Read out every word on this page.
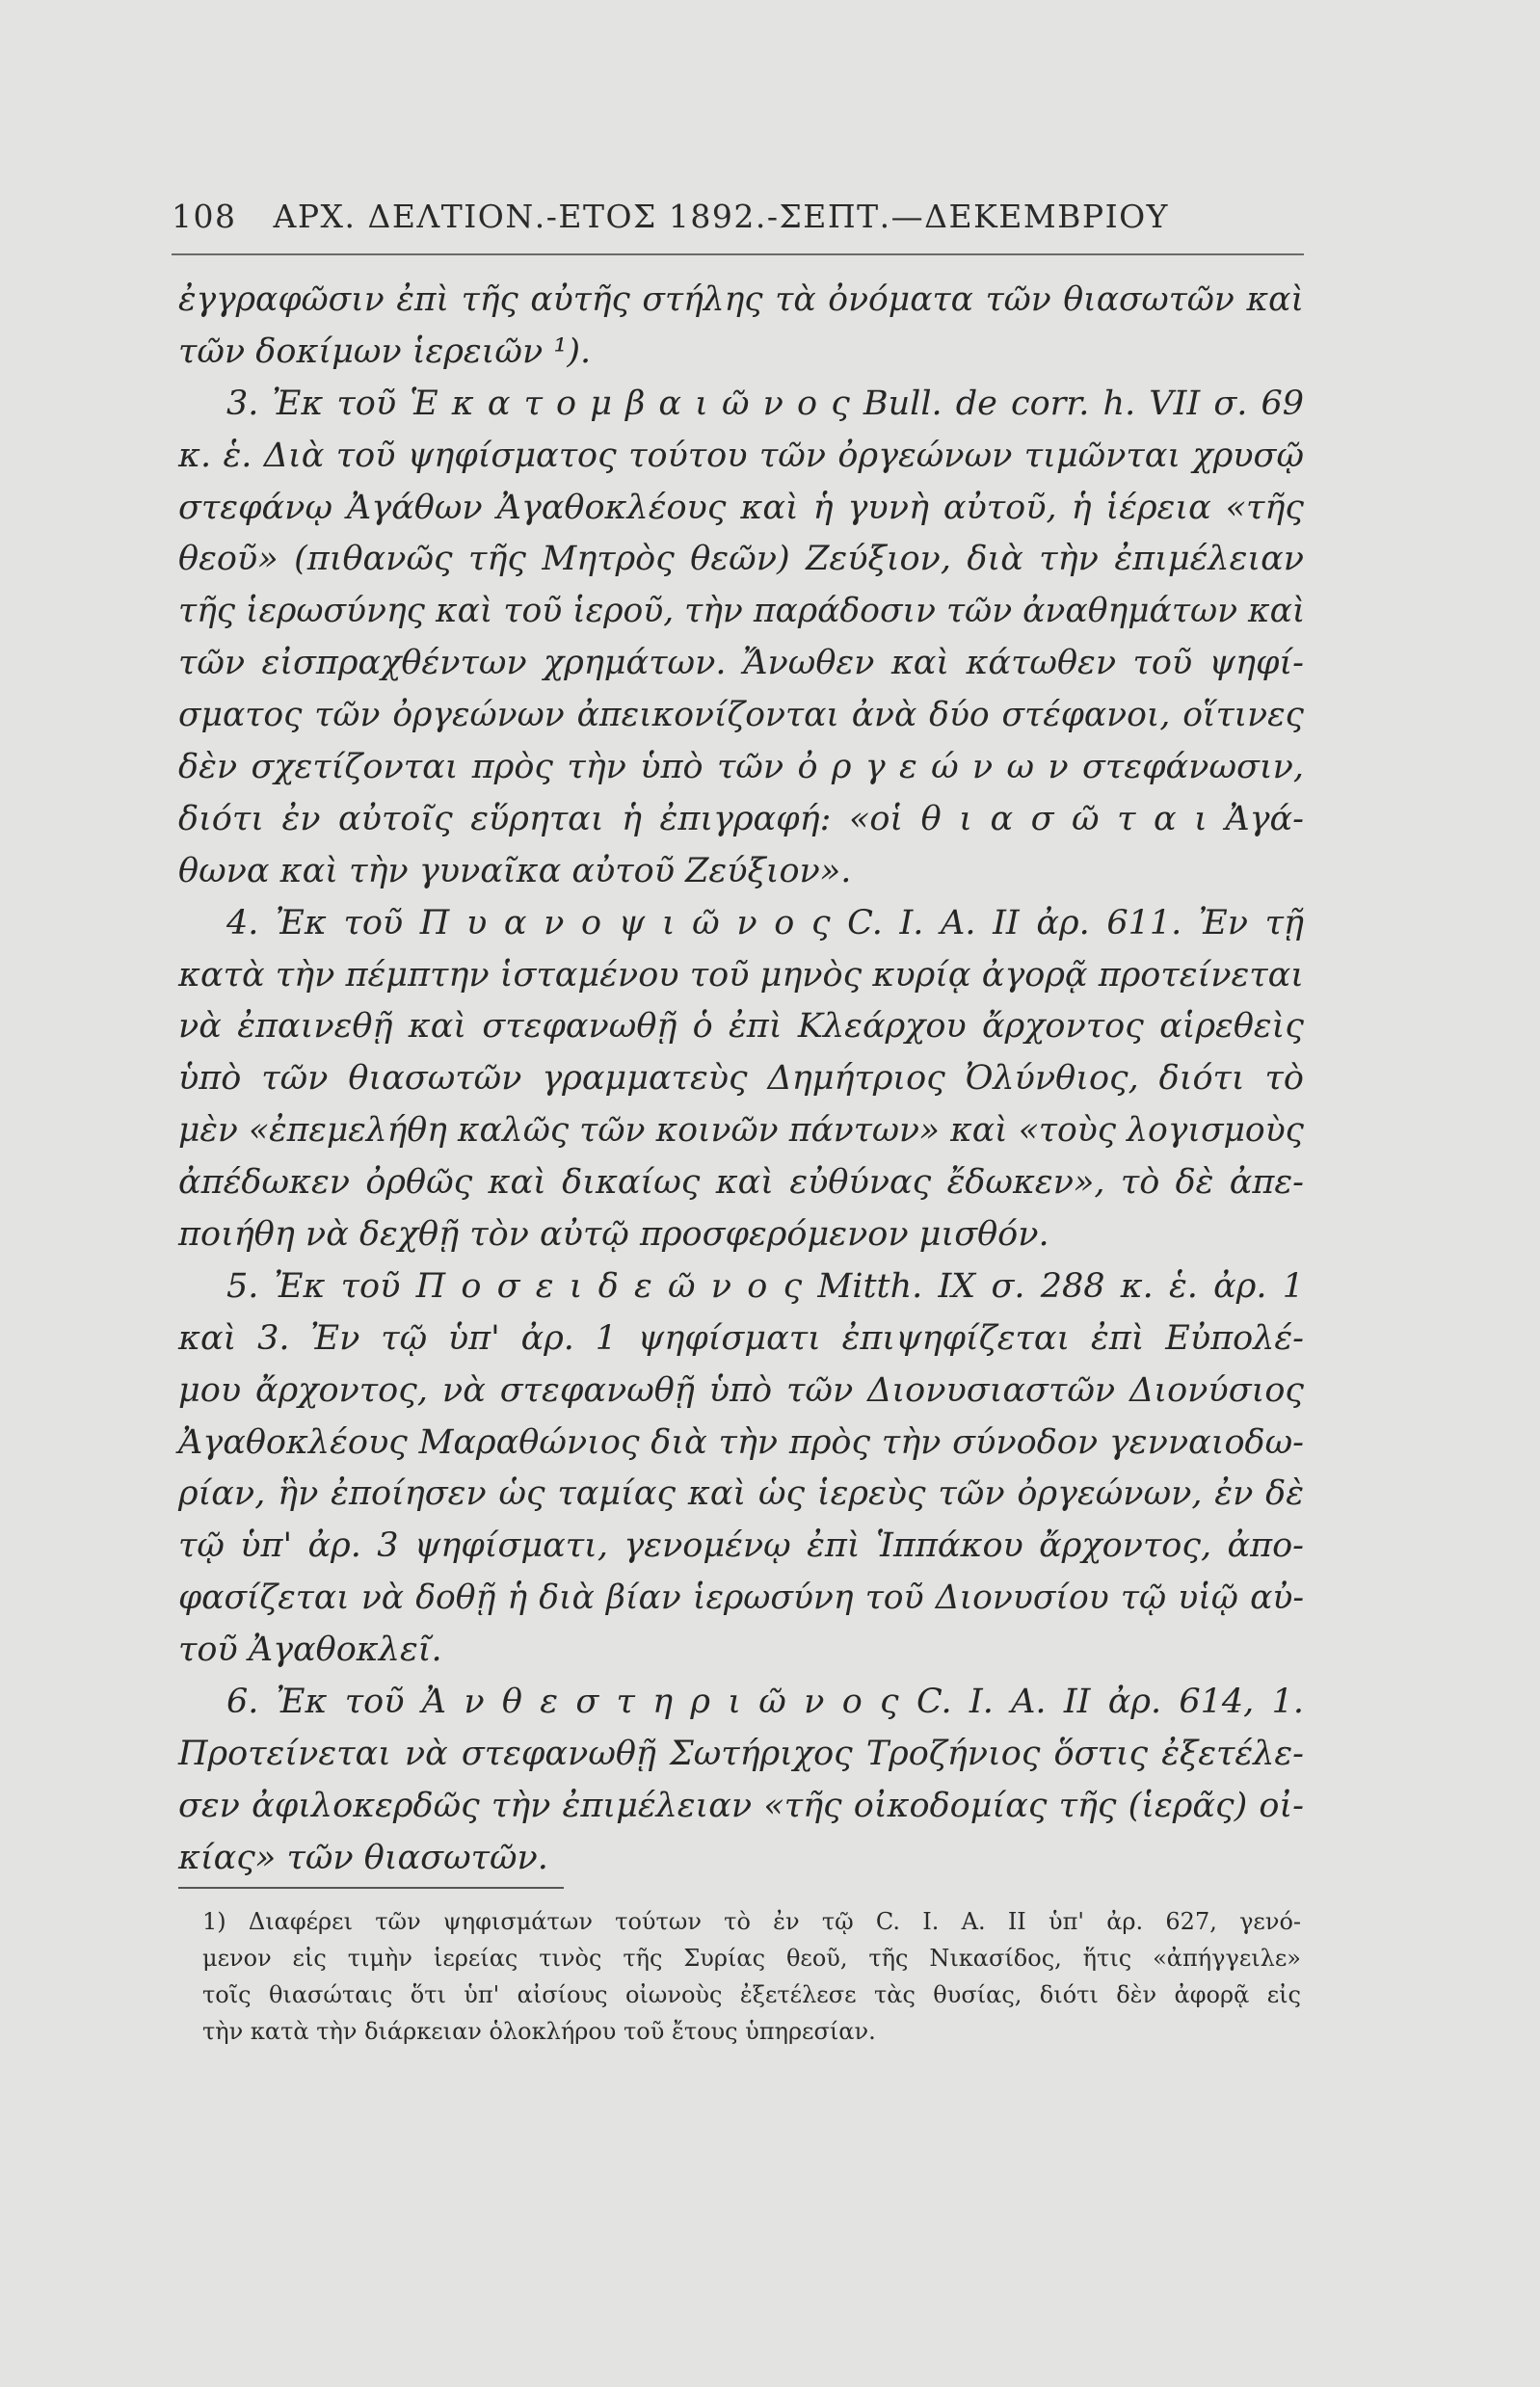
108 ΑΡΧ. ΔΕΛΤΙΟΝ.-ΕΤΟΣ 1892.-ΣΕΠΤ.—ΔΕΚΕΜΒΡΙΟΥ
ἐγγραφῶσιν ἐπὶ τῆς αὐτῆς στήλης τὰ ὀνόματα τῶν θιασωτῶν καὶ
τῶν δοκίμων ἱερειῶν ¹).
3. Ἐκ τοῦ Ἑ κ α τ ο μ β α ι ῶ ν ο ς Bull. de corr. h. VII σ. 69
κ. ἑ. Διὰ τοῦ ψηφίσματος τούτου τῶν ὀργεώνων τιμῶνται χρυσῷ
στεφάνῳ Ἀγάθων Ἀγαθοκλέους καὶ ἡ γυνὴ αὐτοῦ, ἡ ἱέρεια «τῆς
θεοῦ» (πιθανῶς τῆς Μητρὸς θεῶν) Ζεύξιον, διὰ τὴν ἐπιμέλειαν
τῆς ἱερωσύνης καὶ τοῦ ἱεροῦ, τὴν παράδοσιν τῶν ἀναθημάτων καὶ
τῶν εἰσπραχθέντων χρημάτων. Ἄνωθεν καὶ κάτωθεν τοῦ ψηφί-
σματος τῶν ὀργεώνων ἀπεικονίζονται ἀνὰ δύο στέφανοι, οἵτινες
δὲν σχετίζονται πρὸς τὴν ὑπὸ τῶν ὀ ρ γ ε ώ ν ω ν στεφάνωσιν,
διότι ἐν αὐτοῖς εὕρηται ἡ ἐπιγραφή: «οἱ θ ι α σ ῶ τ α ι Ἀγά-
θωνα καὶ τὴν γυναῖκα αὐτοῦ Ζεύξιον».
4. Ἐκ τοῦ Π υ α ν ο ψ ι ῶ ν ο ς C. I. A. II ἀρ. 611. Ἐν τῇ
κατὰ τὴν πέμπτην ἱσταμένου τοῦ μηνὸς κυρίᾳ ἀγορᾷ προτείνεται
νὰ ἐπαινεθῇ καὶ στεφανωθῇ ὁ ἐπὶ Κλεάρχου ἄρχοντος αἱρεθεὶς
ὑπὸ τῶν θιασωτῶν γραμματεὺς Δημήτριος Ὀλύνθιος, διότι τὸ
μὲν «ἐπεμελήθη καλῶς τῶν κοινῶν πάντων» καὶ «τοὺς λογισμοὺς
ἀπέδωκεν ὀρθῶς καὶ δικαίως καὶ εὐθύνας ἔδωκεν», τὸ δὲ ἀπε-
ποιήθη νὰ δεχθῇ τὸν αὐτῷ προσφερόμενον μισθόν.
5. Ἐκ τοῦ Π ο σ ε ι δ ε ῶ ν ο ς Mitth. IX σ. 288 κ. ἑ. ἀρ. 1
καὶ 3. Ἐν τῷ ὑπ' ἀρ. 1 ψηφίσματι ἐπιψηφίζεται ἐπὶ Εὐπολέ-
μου ἄρχοντος, νὰ στεφανωθῇ ὑπὸ τῶν Διονυσιαστῶν Διονύσιος
Ἀγαθοκλέους Μαραθώνιος διὰ τὴν πρὸς τὴν σύνοδον γενναιοδω-
ρίαν, ἣν ἐποίησεν ὡς ταμίας καὶ ὡς ἱερεὺς τῶν ὀργεώνων, ἐν δὲ
τῷ ὑπ' ἀρ. 3 ψηφίσματι, γενομένῳ ἐπὶ Ἱππάκου ἄρχοντος, ἀπο-
φασίζεται νὰ δοθῇ ἡ διὰ βίαν ἱερωσύνη τοῦ Διονυσίου τῷ υἱῷ αὐ-
τοῦ Ἀγαθοκλεῖ.
6. Ἐκ τοῦ Ἀ ν θ ε σ τ η ρ ι ῶ ν ο ς C. I. A. II ἀρ. 614, 1.
Προτείνεται νὰ στεφανωθῇ Σωτήριχος Τροζήνιος ὅστις ἐξετέλε-
σεν ἀφιλοκερδῶς τὴν ἐπιμέλειαν «τῆς οἰκοδομίας τῆς (ἱερᾶς) οἰ-
κίας» τῶν θιασωτῶν.
1) Διαφέρει τῶν ψηφισμάτων τούτων τὸ ἐν τῷ C. I. A. II ὑπ' ἀρ. 627, γενό-
μενον εἰς τιμὴν ἱερείας τινὸς τῆς Συρίας θεοῦ, τῆς Νικασίδος, ἥτις «ἀπήγγειλε»
τοῖς θιασώταις ὅτι ὑπ' αἰσίους οἰωνοὺς ἐξετέλεσε τὰς θυσίας, διότι δὲν ἀφορᾷ εἰς
τὴν κατὰ τὴν διάρκειαν ὁλοκλήρου τοῦ ἔτους ὑπηρεσίαν.
